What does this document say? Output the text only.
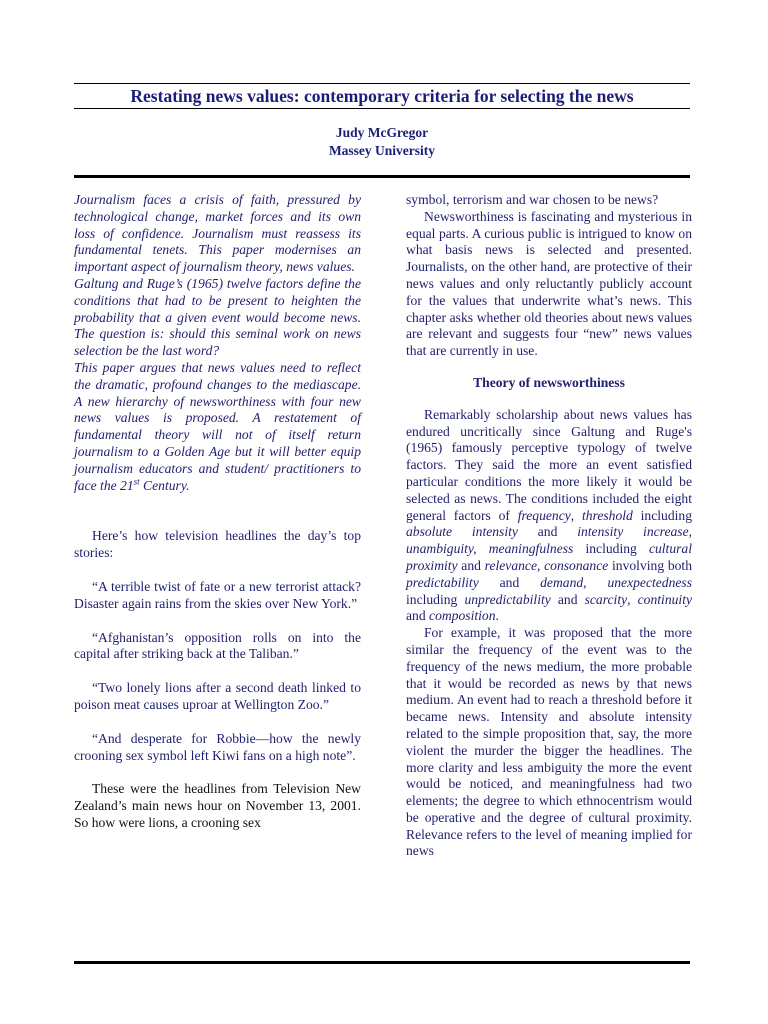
Restating news values: contemporary criteria for selecting the news
Judy McGregor
Massey University

Journalism faces a crisis of faith, pressured by technological change, market forces and its own loss of confidence. Journalism must reassess its fundamental tenets. This paper modernises an important aspect of journalism theory, news values.

Galtung and Ruge’s (1965) twelve factors define the conditions that had to be present to heighten the probability that a given event would become news. The question is: should this seminal work on news selection be the last word?

This paper argues that news values need to reflect the dramatic, profound changes to the mediascape. A new hierarchy of newsworthiness with four new news values is proposed. A restatement of fundamental theory will not of itself return journalism to a Golden Age but it will better equip journalism educators and student/ practitioners to face the 21st Century.

Here’s how television headlines the day’s top stories:

“A terrible twist of fate or a new terrorist attack? Disaster again rains from the skies over New York.”

“Afghanistan’s opposition rolls on into the capital after striking back at the Taliban.”

“Two lonely lions after a second death linked to poison meat causes uproar at Wellington Zoo.”

“And desperate for Robbie—how the newly crooning sex symbol left Kiwi fans on a high note”.

These were the headlines from Television New Zealand’s main news hour on November 13, 2001. So how were lions, a crooning sex

symbol, terrorism and war chosen to be news?

Newsworthiness is fascinating and mysterious in equal parts. A curious public is intrigued to know on what basis news is selected and presented. Journalists, on the other hand, are protective of their news values and only reluctantly publicly account for the values that underwrite what’s news. This chapter asks whether old theories about news values are relevant and suggests four “new” news values that are currently in use.

Theory of newsworthiness

Remarkably scholarship about news values has endured uncritically since Galtung and Ruge's (1965) famously perceptive typology of twelve factors. They said the more an event satisfied particular conditions the more likely it would be selected as news. The conditions included the eight general factors of frequency, threshold including absolute intensity and intensity increase, unambiguity, meaningfulness including cultural proximity and relevance, consonance involving both predictability and demand, unexpectedness including unpredictability and scarcity, continuity and composition.

For example, it was proposed that the more similar the frequency of the event was to the frequency of the news medium, the more probable that it would be recorded as news by that news medium. An event had to reach a threshold before it became news. Intensity and absolute intensity related to the simple proposition that, say, the more violent the murder the bigger the headlines. The more clarity and less ambiguity the more the event would be noticed, and meaningfulness had two elements; the degree to which ethnocentrism would be operative and the degree of cultural proximity. Relevance refers to the level of meaning implied for news
